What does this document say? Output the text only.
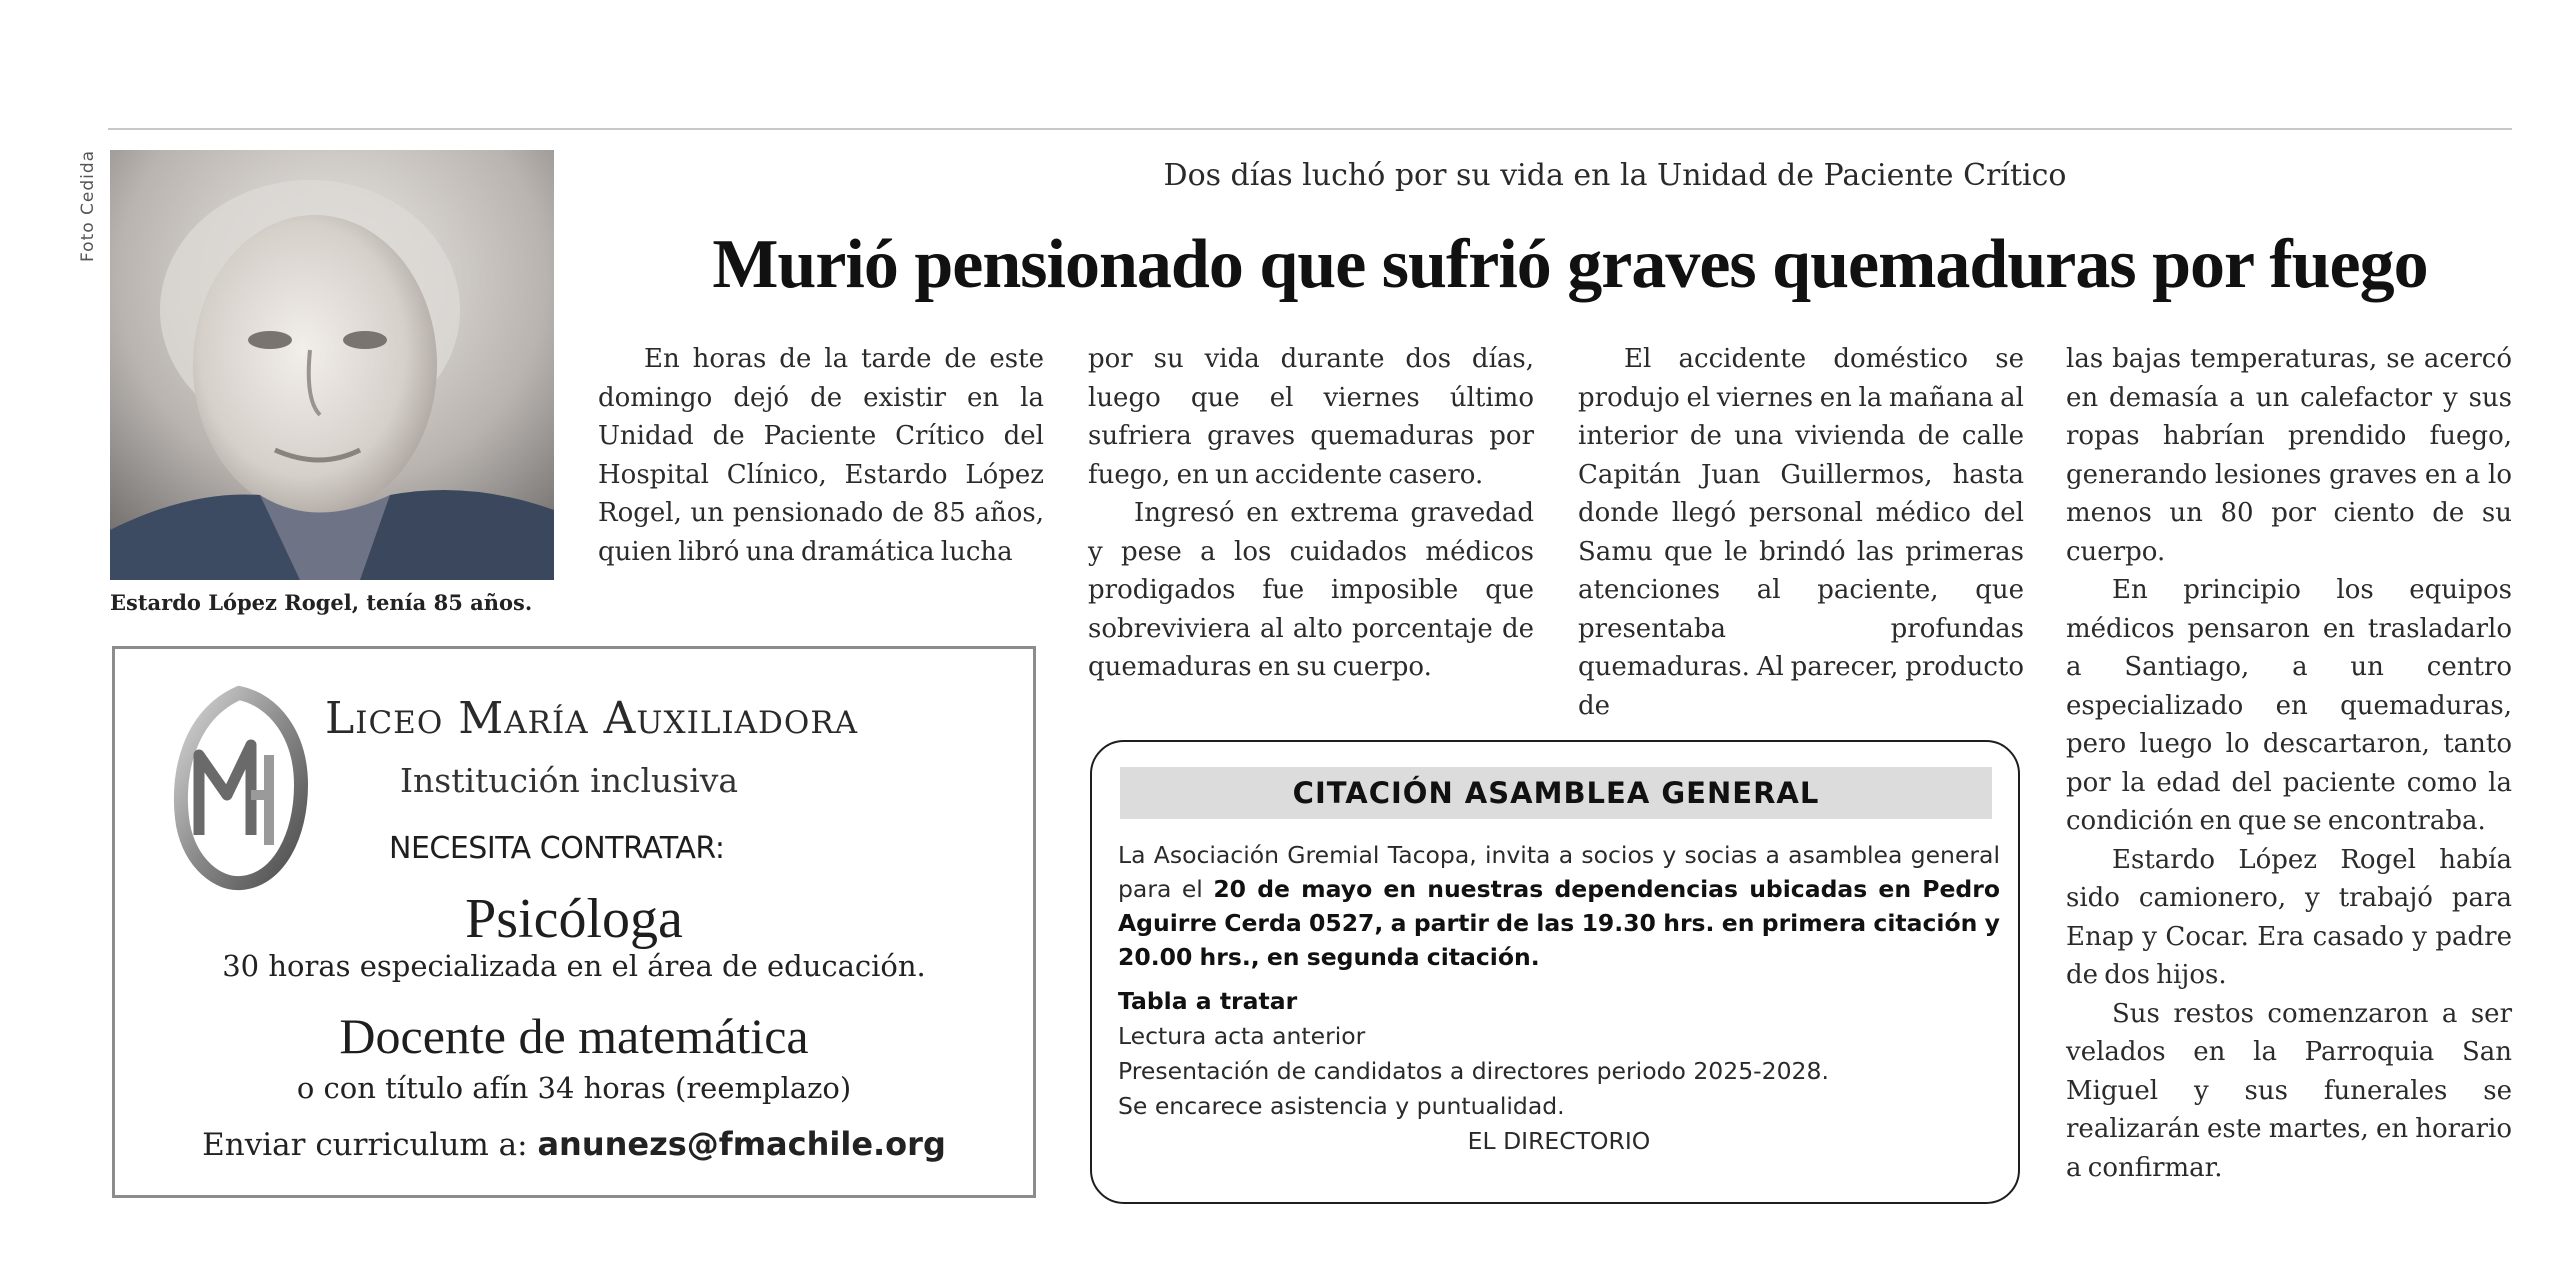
Foto Cedida
Estardo López Rogel, tenía 85 años.
Dos días luchó por su vida en la Unidad de Paciente Crítico
Murió pensionado que sufrió graves quemaduras por fuego

En horas de la tarde de este domingo dejó de existir en la Unidad de Paciente Crítico del Hospital Clínico, Estardo López Rogel, un pensionado de 85 años, quien libró una dramática lucha

por su vida durante dos días, luego que el viernes último sufriera graves quemaduras por fuego, en un accidente casero.

Ingresó en extrema gravedad y pese a los cuidados médicos prodigados fue imposible que sobreviviera al alto porcentaje de quemaduras en su cuerpo.

El accidente doméstico se produjo el viernes en la mañana al interior de una vivienda de calle Capitán Juan Guillermos, hasta donde llegó personal médico del Samu que le brindó las primeras atenciones al paciente, que presentaba profundas quemaduras. Al parecer, producto de

las bajas temperaturas, se acercó en demasía a un calefactor y sus ropas habrían prendido fuego, generando lesiones graves en a lo menos un 80 por ciento de su cuerpo.

En principio los equipos médicos pensaron en trasladarlo a Santiago, a un centro especializado en quemaduras, pero luego lo descartaron, tanto por la edad del paciente como la condición en que se encontraba.

Estardo López Rogel había sido camionero, y trabajó para Enap y Cocar. Era casado y padre de dos hijos.

Sus restos comenzaron a ser velados en la Parroquia San Miguel y sus funerales se realizarán este martes, en horario a confirmar.

Liceo María Auxiliadora
Institución inclusiva
NECESITA CONTRATAR:
Psicóloga
30 horas especializada en el área de educación.
Docente de matemática
o con título afín 34 horas (reemplazo)
Enviar curriculum a: anunezs@fmachile.org
CITACIÓN ASAMBLEA GENERAL
La Asociación Gremial Tacopa, invita a socios y socias a asamblea general para el 20 de mayo en nuestras dependencias ubicadas en Pedro Aguirre Cerda 0527, a partir de las 19.30 hrs. en primera citación y 20.00 hrs., en segunda citación.
Tabla a tratar
Lectura acta anterior
Presentación de candidatos a directores periodo 2025-2028.
Se encarece asistencia y puntualidad.
EL DIRECTORIO
